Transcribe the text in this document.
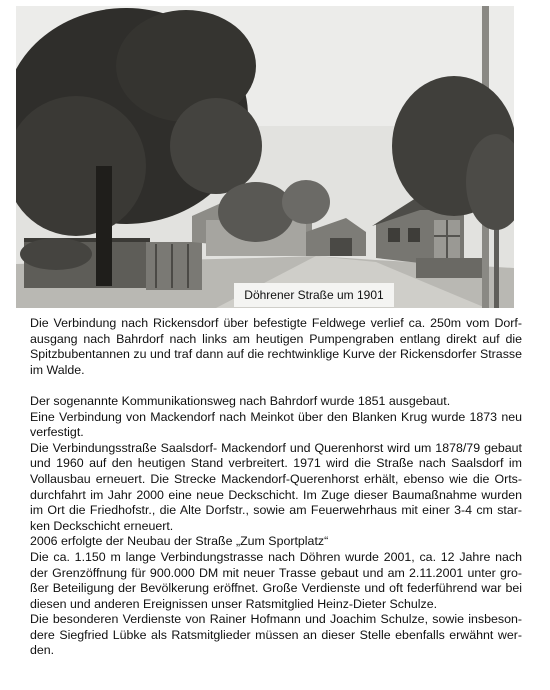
Döhrener Straße um 1901

Die Verbindung nach Rickensdorf über befestigte Feldwege verlief ca. 250m vom Dorf-ausgang nach Bahrdorf nach links am heutigen Pumpengraben entlang direkt auf die Spitzbubentannen zu und traf dann auf die rechtwinklige Kurve der Rickensdorfer Strasse im Walde.

Der sogenannte Kommunikationsweg nach Bahrdorf wurde 1851 ausgebaut.

Eine Verbindung von Mackendorf nach Meinkot über den Blanken Krug wurde 1873 neu verfestigt.

Die Verbindungsstraße Saalsdorf- Mackendorf und Querenhorst wird um 1878/79 gebaut und 1960 auf den heutigen Stand verbreitert. 1971 wird die Straße nach Saalsdorf im Vollausbau erneuert. Die Strecke Mackendorf-Querenhorst erhält, ebenso wie die Orts-durchfahrt im Jahr 2000 eine neue Deckschicht. Im Zuge dieser Baumaßnahme wurden im Ort die Friedhofstr., die Alte Dorfstr., sowie am Feuerwehrhaus mit einer 3-4 cm star-ken Deckschicht erneuert.

2006 erfolgte der Neubau der Straße „Zum Sportplatz“

Die ca. 1.150 m lange Verbindungstrasse nach Döhren wurde 2001, ca. 12 Jahre nach der Grenzöffnung für 900.000 DM mit neuer Trasse gebaut und am 2.11.2001 unter gro-ßer Beteiligung der Bevölkerung eröffnet. Große Verdienste und oft federführend war bei diesen und anderen Ereignissen unser Ratsmitglied Heinz-Dieter Schulze.

Die besonderen Verdienste von Rainer Hofmann und Joachim Schulze, sowie insbeson-dere Siegfried Lübke als Ratsmitglieder müssen an dieser Stelle ebenfalls erwähnt wer-den.
